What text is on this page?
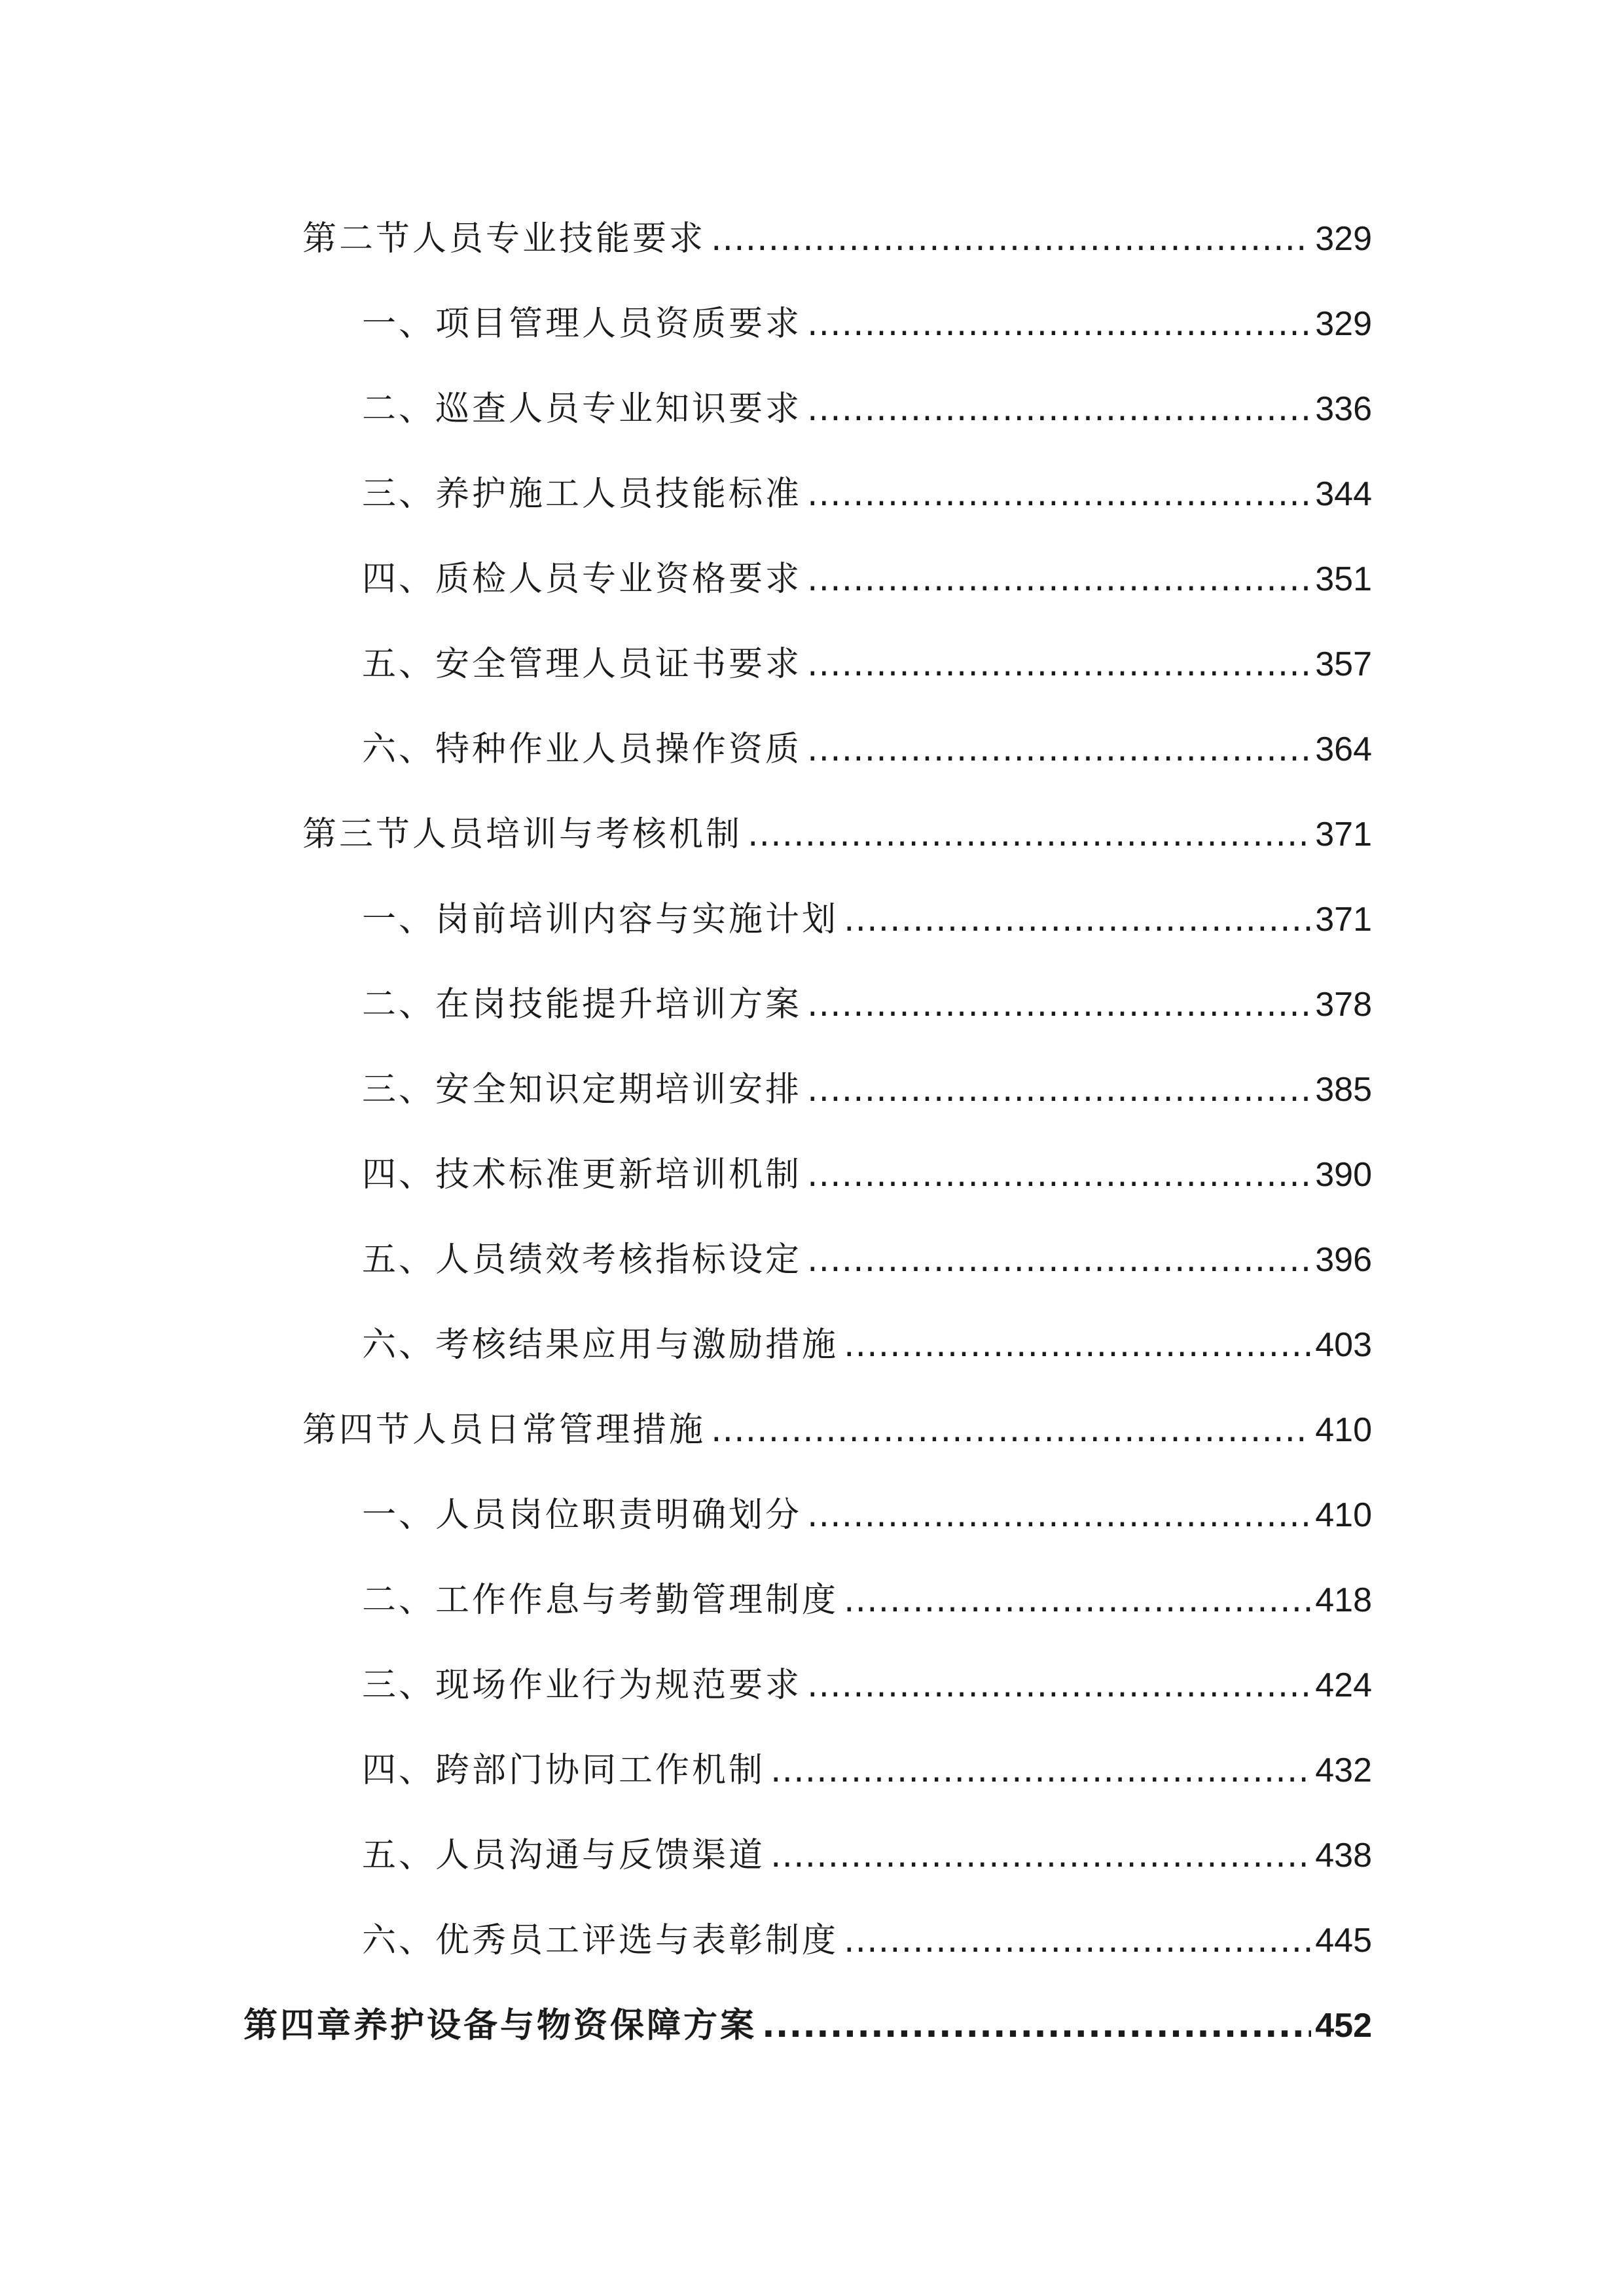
第二节人员专业技能要求 .....	329
一、项目管理人员资质要求 .....	329
二、巡查人员专业知识要求 .....	336
三、养护施工人员技能标准 .....	344
四、质检人员专业资格要求 .....	351
五、安全管理人员证书要求 .....	357
六、特种作业人员操作资质 .....	364
第三节人员培训与考核机制 .....	371
一、岗前培训内容与实施计划 .....	371
二、在岗技能提升培训方案 .....	378
三、安全知识定期培训安排 .....	385
四、技术标准更新培训机制 .....	390
五、人员绩效考核指标设定 .....	396
六、考核结果应用与激励措施 .....	403
第四节人员日常管理措施 .....	410
一、人员岗位职责明确划分 .....	410
二、工作作息与考勤管理制度 .....	418
三、现场作业行为规范要求 .....	424
四、跨部门协同工作机制 .....	432
五、人员沟通与反馈渠道 .....	438
六、优秀员工评选与表彰制度 .....	445
第四章养护设备与物资保障方案 .....	452
